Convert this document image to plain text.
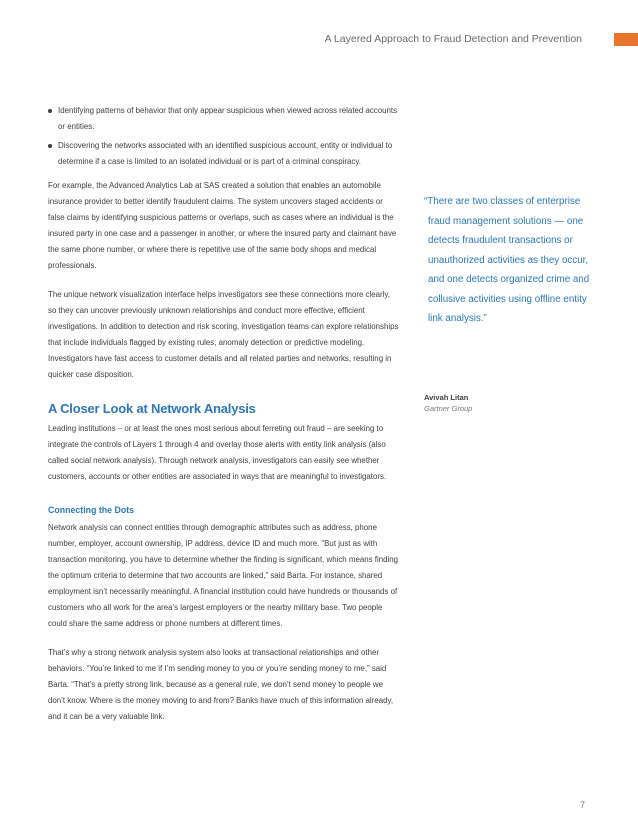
A Layered Approach to Fraud Detection and Prevention
Identifying patterns of behavior that only appear suspicious when viewed across related accounts or entities.
Discovering the networks associated with an identified suspicious account, entity or individual to determine if a case is limited to an isolated individual or is part of a criminal conspiracy.

For example, the Advanced Analytics Lab at SAS created a solution that enables an automobile insurance provider to better identify fraudulent claims. The system uncovers staged accidents or false claims by identifying suspicious patterns or overlaps, such as cases where an individual is the insured party in one case and a passenger in another, or where the insured party and claimant have the same phone number, or where there is repetitive use of the same body shops and medical professionals.

The unique network visualization interface helps investigators see these connections more clearly, so they can uncover previously unknown relationships and conduct more effective, efficient investigations. In addition to detection and risk scoring, investigation teams can explore relationships that include individuals flagged by existing rules, anomaly detection or predictive modeling. Investigators have fast access to customer details and all related parties and networks, resulting in quicker case disposition.

A Closer Look at Network Analysis

Leading institutions – or at least the ones most serious about ferreting out fraud – are seeking to integrate the controls of Layers 1 through 4 and overlay those alerts with entity link analysis (also called social network analysis). Through network analysis, investigators can easily see whether customers, accounts or other entities are associated in ways that are meaningful to investigators.

Connecting the Dots

Network analysis can connect entities through demographic attributes such as address, phone number, employer, account ownership, IP address, device ID and much more. “But just as with transaction monitoring, you have to determine whether the finding is significant, which means finding the optimum criteria to determine that two accounts are linked,” said Barta. For instance, shared employment isn’t necessarily meaningful. A financial institution could have hundreds or thousands of customers who all work for the area’s largest employers or the nearby military base. Two people could share the same address or phone numbers at different times.

That’s why a strong network analysis system also looks at transactional relationships and other behaviors. “You’re linked to me if I’m sending money to you or you’re sending money to me,” said Barta. “That’s a pretty strong link, because as a general rule, we don’t send money to people we don’t know. Where is the money moving to and from? Banks have much of this information already, and it can be a very valuable link.

“There are two classes of enterprise fraud management solutions — one detects fraudulent transactions or unauthorized activities as they occur, and one detects organized crime and collusive activities using offline entity link analysis.”

Avivah Litan
Gartner Group
7
